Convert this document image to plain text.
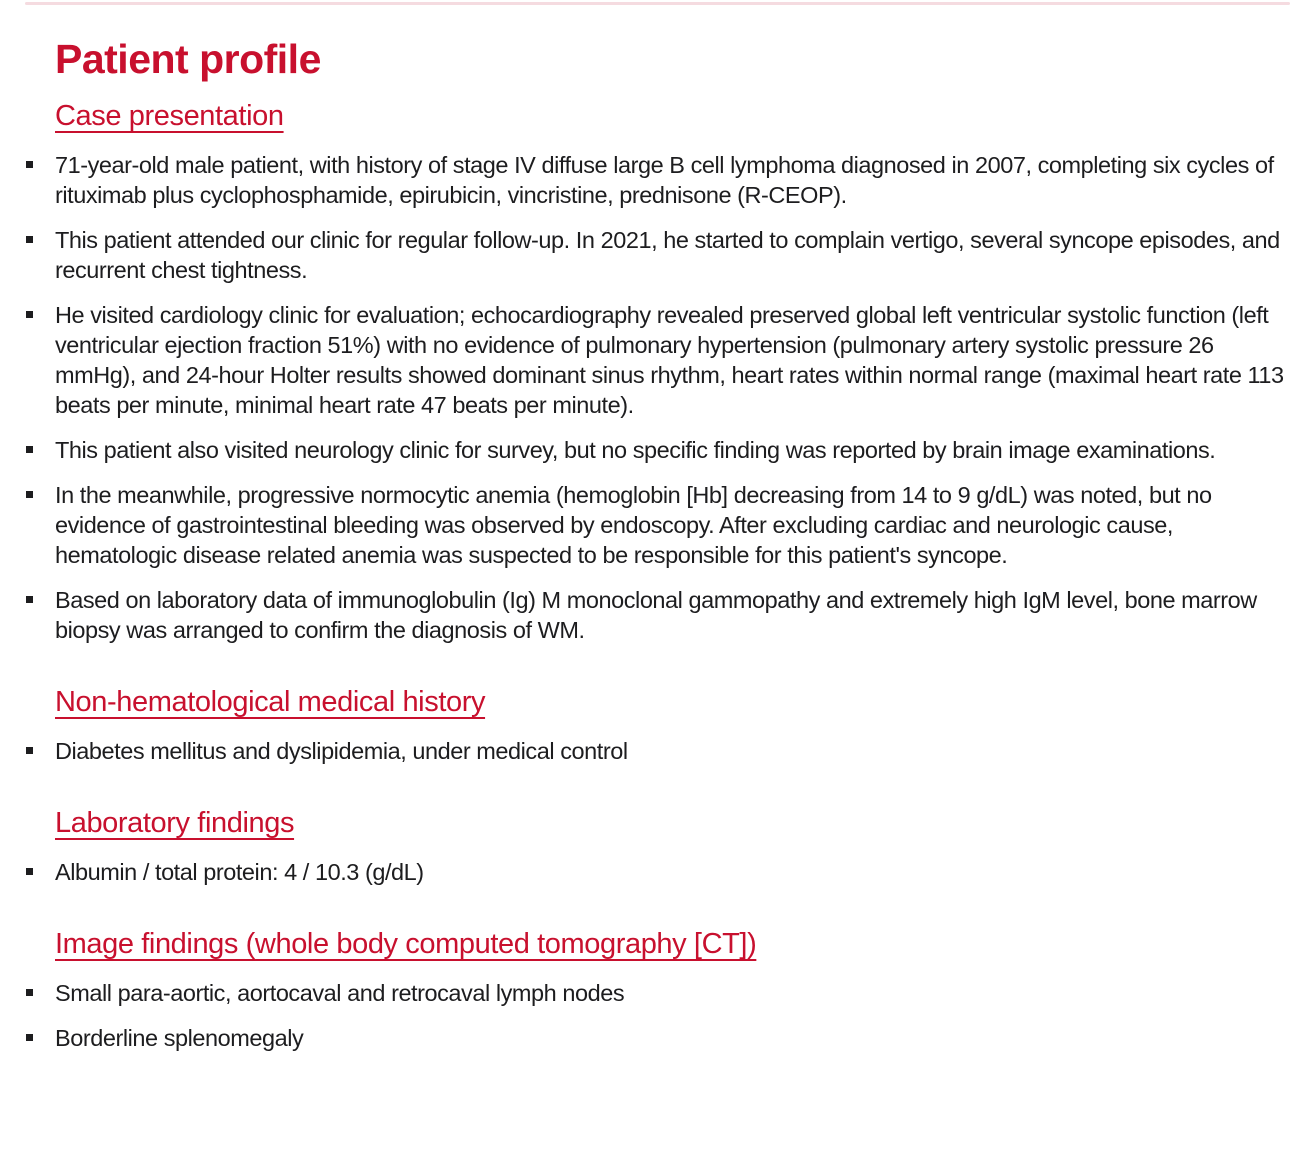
Patient profile
Case presentation
71-year-old male patient, with history of stage IV diffuse large B cell lymphoma diagnosed in 2007, completing six cycles of rituximab plus cyclophosphamide, epirubicin, vincristine, prednisone (R-CEOP).
This patient attended our clinic for regular follow-up. In 2021, he started to complain vertigo, several syncope episodes, and recurrent chest tightness.
He visited cardiology clinic for evaluation; echocardiography revealed preserved global left ventricular systolic function (left ventricular ejection fraction 51%) with no evidence of pulmonary hypertension (pulmonary artery systolic pressure 26 mmHg), and 24-hour Holter results showed dominant sinus rhythm, heart rates within normal range (maximal heart rate 113 beats per minute, minimal heart rate 47 beats per minute).
This patient also visited neurology clinic for survey, but no specific finding was reported by brain image examinations.
In the meanwhile, progressive normocytic anemia (hemoglobin [Hb] decreasing from 14 to 9 g/dL) was noted, but no evidence of gastrointestinal bleeding was observed by endoscopy. After excluding cardiac and neurologic cause, hematologic disease related anemia was suspected to be responsible for this patient's syncope.
Based on laboratory data of immunoglobulin (Ig) M monoclonal gammopathy and extremely high IgM level, bone marrow biopsy was arranged to confirm the diagnosis of WM.
Non-hematological medical history
Diabetes mellitus and dyslipidemia, under medical control
Laboratory findings
Albumin / total protein: 4 / 10.3 (g/dL)
Image findings (whole body computed tomography [CT])
Small para-aortic, aortocaval and retrocaval lymph nodes
Borderline splenomegaly
